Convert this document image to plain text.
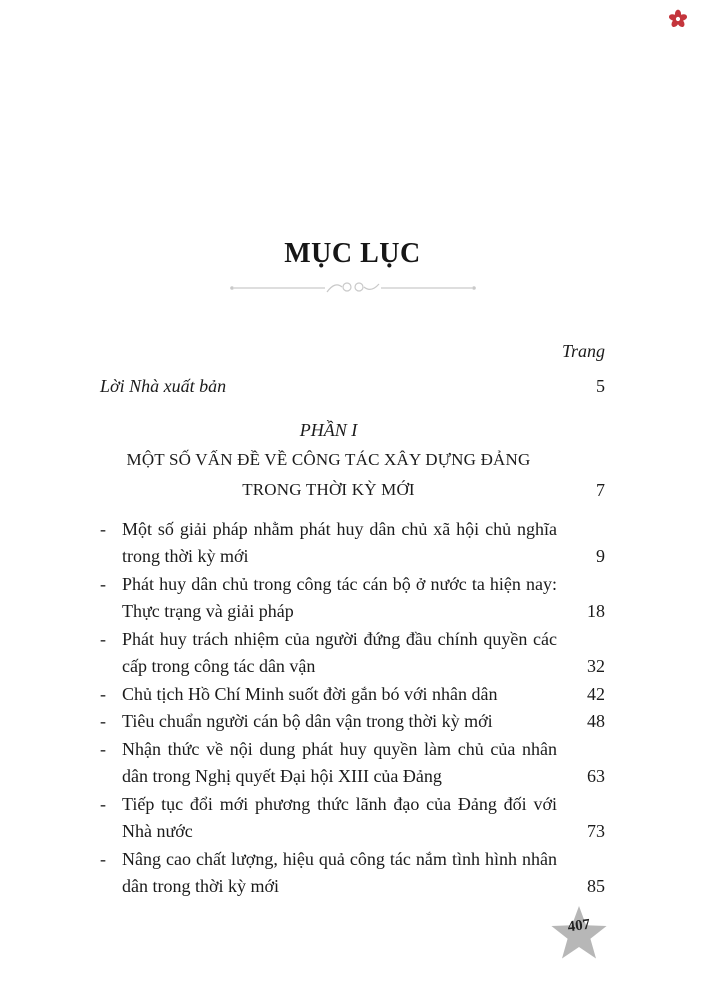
MỤC LỤC
Trang
Lời Nhà xuất bản	5
PHẦN I
MỘT SỐ VẤN ĐỀ VỀ CÔNG TÁC XÂY DỰNG ĐẢNG
TRONG THỜI KỲ MỚI	7
- Một số giải pháp nhằm phát huy dân chủ xã hội chủ nghĩa trong thời kỳ mới	9
- Phát huy dân chủ trong công tác cán bộ ở nước ta hiện nay: Thực trạng và giải pháp	18
- Phát huy trách nhiệm của người đứng đầu chính quyền các cấp trong công tác dân vận	32
- Chủ tịch Hồ Chí Minh suốt đời gắn bó với nhân dân	42
- Tiêu chuẩn người cán bộ dân vận trong thời kỳ mới	48
- Nhận thức về nội dung phát huy quyền làm chủ của nhân dân trong Nghị quyết Đại hội XIII của Đảng	63
- Tiếp tục đổi mới phương thức lãnh đạo của Đảng đối với Nhà nước	73
- Nâng cao chất lượng, hiệu quả công tác nắm tình hình nhân dân trong thời kỳ mới	85
407
